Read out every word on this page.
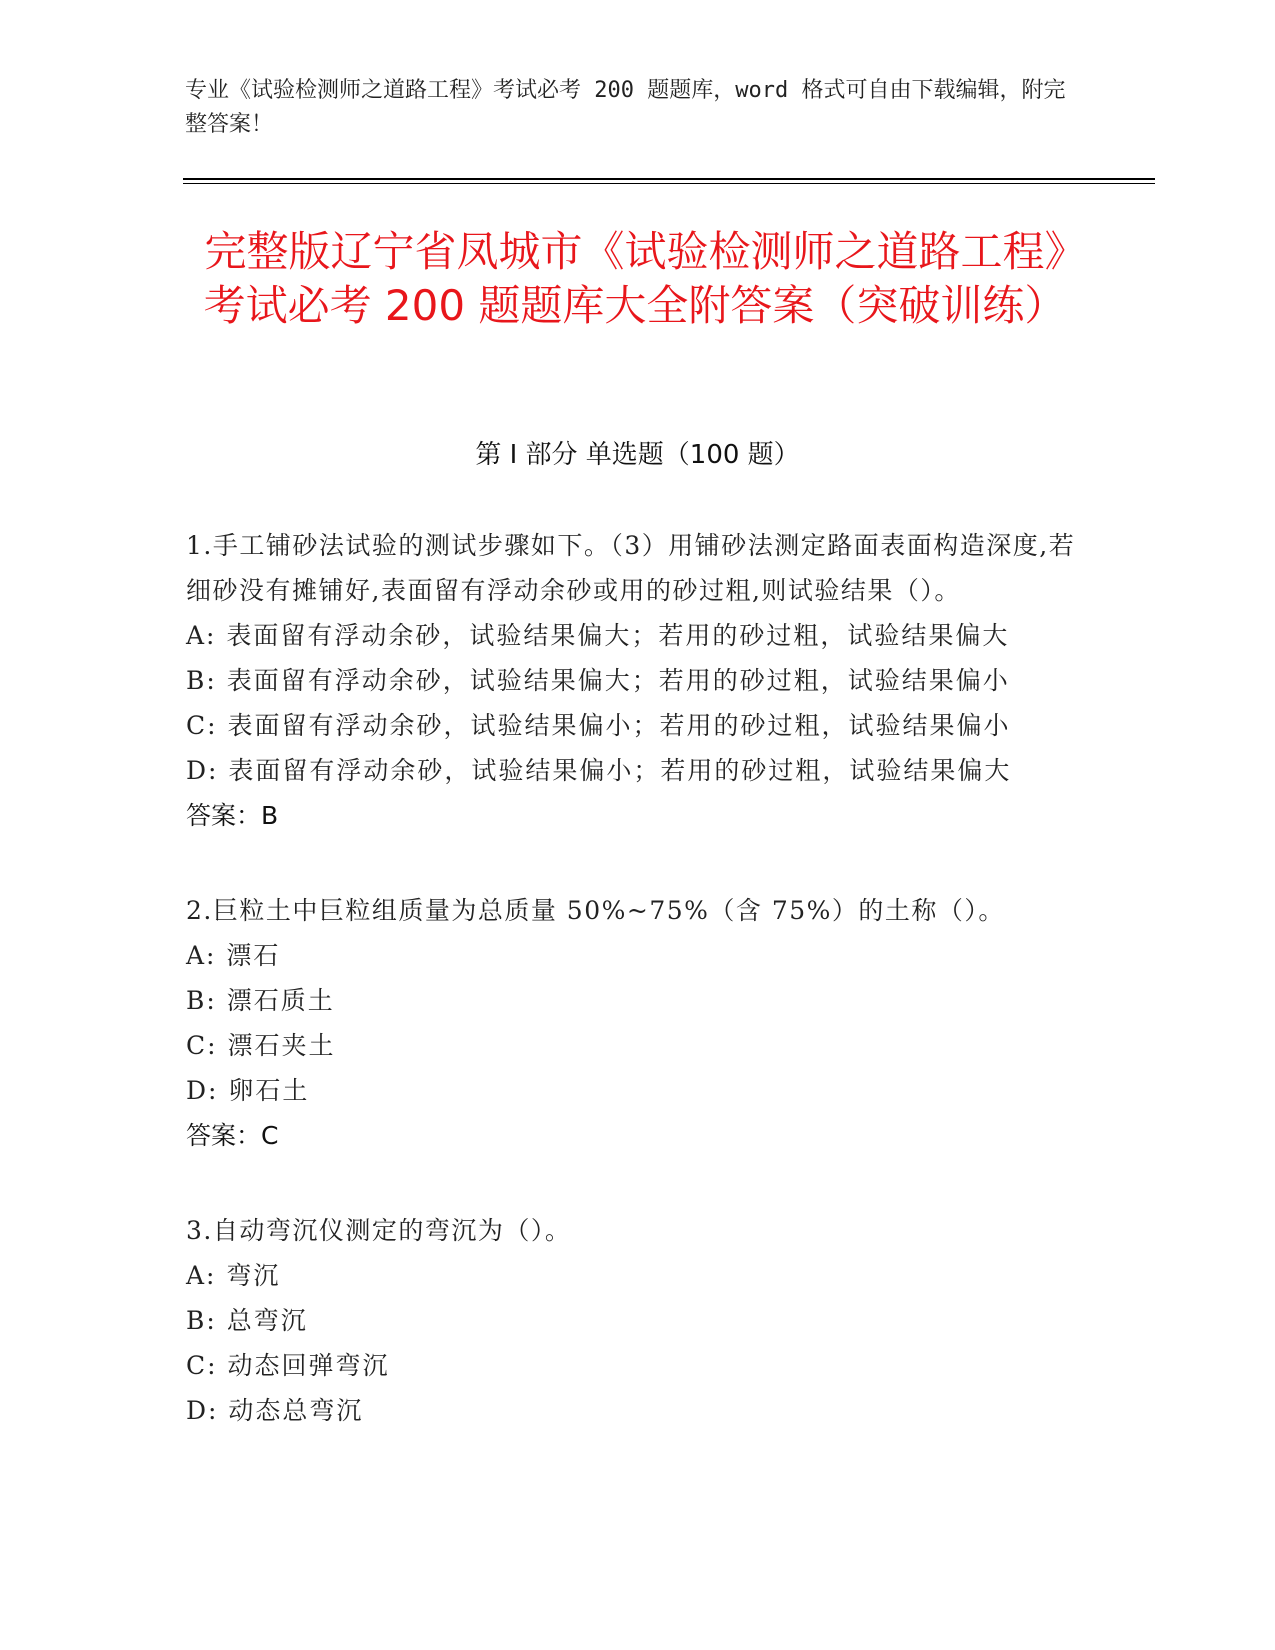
专业《试验检测师之道路工程》考试必考 200 题题库，word 格式可自由下载编辑，附完整答案！
完整版辽宁省凤城市《试验检测师之道路工程》考试必考 200 题题库大全附答案（突破训练）
第 I 部分 单选题（100 题）
1.手工铺砂法试验的测试步骤如下。（3）用铺砂法测定路面表面构造深度,若细砂没有摊铺好,表面留有浮动余砂或用的砂过粗,则试验结果（）。
A: 表面留有浮动余砂，试验结果偏大；若用的砂过粗，试验结果偏大
B: 表面留有浮动余砂，试验结果偏大；若用的砂过粗，试验结果偏小
C: 表面留有浮动余砂，试验结果偏小；若用的砂过粗，试验结果偏小
D: 表面留有浮动余砂，试验结果偏小；若用的砂过粗，试验结果偏大
答案：B
2.巨粒土中巨粒组质量为总质量 50%~75%（含 75%）的土称（）。
A: 漂石
B: 漂石质土
C: 漂石夹土
D: 卵石土
答案：C
3.自动弯沉仪测定的弯沉为（）。
A: 弯沉
B: 总弯沉
C: 动态回弹弯沉
D: 动态总弯沉
